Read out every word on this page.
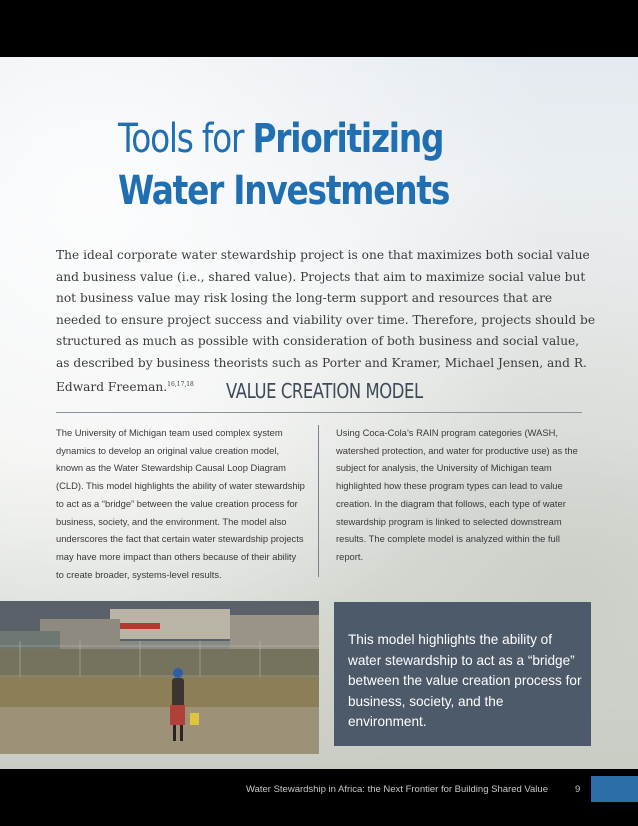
Tools for Prioritizing
Water Investments
The ideal corporate water stewardship project is one that maximizes both social value and business value (i.e., shared value). Projects that aim to maximize social value but not business value may risk losing the long-term support and resources that are needed to ensure project success and viability over time. Therefore, projects should be structured as much as possible with consideration of both business and social value, as described by business theorists such as Porter and Kramer, Michael Jensen, and R. Edward Freeman.$^{16,17,18}$	VALUE CREATION MODEL
The University of Michigan team used complex system dynamics to develop an original value creation model, known as the Water Stewardship Causal Loop Diagram (CLD). This model highlights the ability of water stewardship to act as a “bridge” between the value creation process for business, society, and the environment. The model also underscores the fact that certain water stewardship projects may have more impact than others because of their ability to create broader, systems-level results.
Using Coca-Cola’s RAIN program categories (WASH, watershed protection, and water for productive use) as the subject for analysis, the University of Michigan team highlighted how these program types can lead to value creation. In the diagram that follows, each type of water stewardship program is linked to selected downstream results. The complete model is analyzed within the full report.
This model highlights the ability of water stewardship to act as a “bridge” between the value creation process for business, society, and the environment.
Water Stewardship in Africa: the Next Frontier for Building Shared Value	9
